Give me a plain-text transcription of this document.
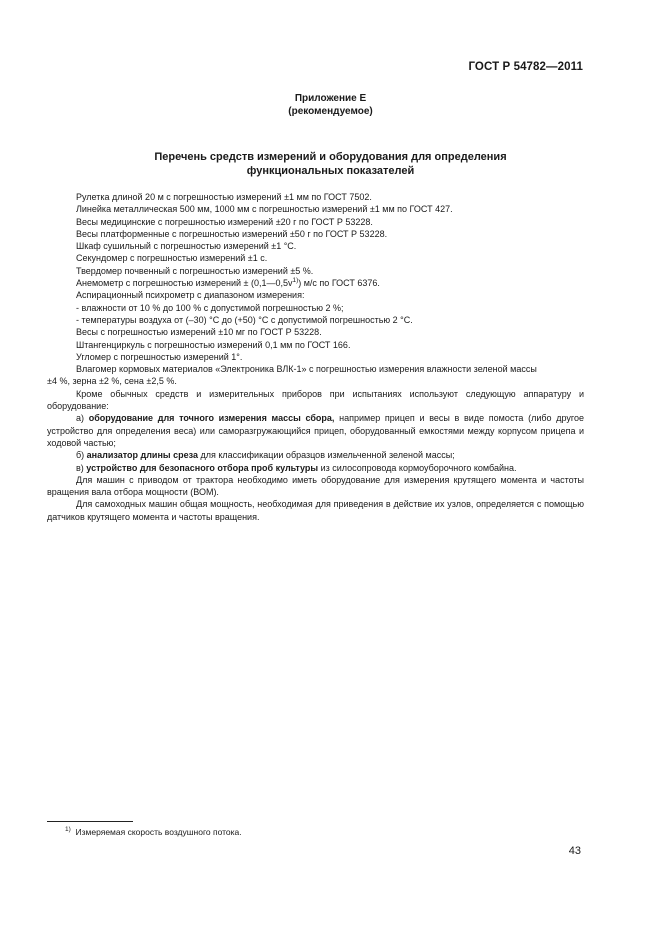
ГОСТ Р 54782—2011
Приложение Е
(рекомендуемое)
Перечень средств измерений и оборудования для определения
функциональных показателей

Рулетка длиной 20 м с погрешностью измерений ±1 мм по ГОСТ 7502.

Линейка металлическая 500 мм, 1000 мм с погрешностью измерений ±1 мм по ГОСТ 427.

Весы медицинские с погрешностью измерений ±20 г по ГОСТ Р 53228.

Весы платформенные с погрешностью измерений ±50 г по ГОСТ Р 53228.

Шкаф сушильный с погрешностью измерений ±1 °С.

Секундомер с погрешностью измерений ±1 с.

Твердомер почвенный с погрешностью измерений ±5 %.

Анемометр с погрешностью измерений ± $(0,1—0,5v^{1)})$ м/с по ГОСТ 6376.

Аспирационный психрометр с диапазоном измерения:

- влажности от 10 % до 100 % с допустимой погрешностью 2 %;

- температуры воздуха от (–30) °С до (+50) °С с допустимой погрешностью 2 °С.

Весы с погрешностью измерений ±10 мг по ГОСТ Р 53228.

Штангенциркуль с погрешностью измерений 0,1 мм по ГОСТ 166.

Угломер с погрешностью измерений 1°.

Влагомер кормовых материалов «Электроника ВЛК-1» с погрешностью измерения влажности зеленой массы

±4 %, зерна ±2 %, сена ±2,5 %.

Кроме обычных средств и измерительных приборов при испытаниях используют следующую аппаратуру и оборудование:

а) оборудование для точного измерения массы сбора, например прицеп и весы в виде помоста (либо другое устройство для определения веса) или саморазгружающийся прицеп, оборудованный емкостями между корпусом прицепа и ходовой частью;

б) анализатор длины среза для классификации образцов измельченной зеленой массы;

в) устройство для безопасного отбора проб культуры из силосопровода кормоуборочного комбайна.

Для машин с приводом от трактора необходимо иметь оборудование для измерения крутящего момента и частоты вращения вала отбора мощности (ВОМ).

Для самоходных машин общая мощность, необходимая для приведения в действие их узлов, определяется с помощью датчиков крутящего момента и частоты вращения.

$^{1)}$ Измеряемая скорость воздушного потока.
43
